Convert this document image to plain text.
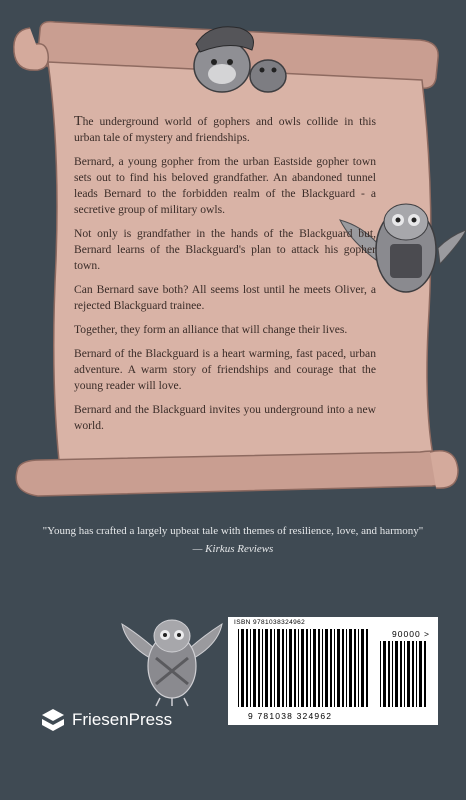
The underground world of gophers and owls collide in this urban tale of mystery and friendships.

Bernard, a young gopher from the urban Eastside gopher town sets out to find his beloved grandfather. An abandoned tunnel leads Bernard to the forbidden realm of the Blackguard - a secretive group of military owls.

Not only is grandfather in the hands of the Blackguard but, Bernard learns of the Blackguard's plan to attack his gopher town.

Can Bernard save both? All seems lost until he meets Oliver, a rejected Blackguard trainee.

Together, they form an alliance that will change their lives.

Bernard of the Blackguard is a heart warming, fast paced, urban adventure. A warm story of friendships and courage that the young reader will love.

Bernard and the Blackguard invites you underground into a new world.

"Young has crafted a largely upbeat tale with themes of resilience, love, and harmony"
— Kirkus Reviews
ISBN 9781038324962
90000 >
9 781038 324962
FriesenPress
